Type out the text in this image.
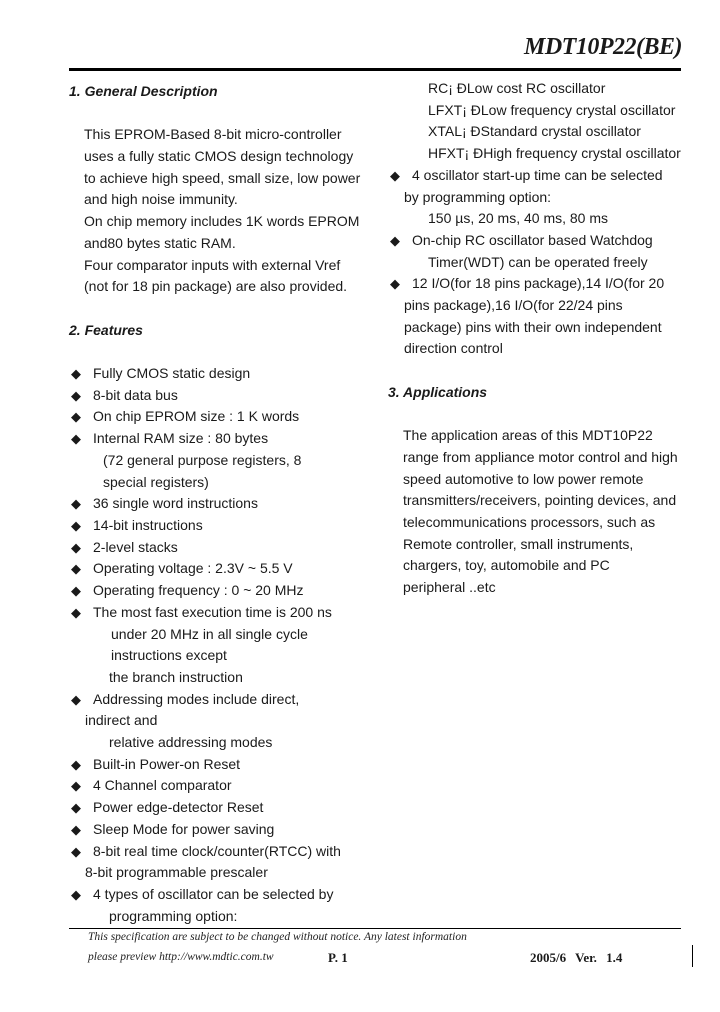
MDT10P22(BE)
1. General Description

This EPROM-Based 8-bit micro-controller

uses a fully static CMOS design technology

to achieve high speed, small size, low power

and high noise immunity.

On chip memory includes 1K words EPROM

and80 bytes static RAM.

Four comparator inputs with external Vref

(not for 18 pin package) are also provided.

2. Features
◆ Fully CMOS static design
◆ 8-bit data bus
◆ On chip EPROM size : 1 K words
◆ Internal RAM size : 80 bytes
(72 general purpose registers, 8
special registers)
◆ 36 single word instructions
◆ 14-bit instructions
◆ 2-level stacks
◆ Operating voltage : 2.3V ~ 5.5 V
◆ Operating frequency : 0 ~ 20 MHz
◆ The most fast execution time is 200 ns
under 20 MHz in all single cycle
instructions except
the branch instruction
◆ Addressing modes include direct,
indirect and
relative addressing modes
◆ Built-in Power-on Reset
◆ 4 Channel comparator
◆ Power edge-detector Reset
◆ Sleep Mode for power saving
◆ 8-bit real time clock/counter(RTCC) with
8-bit programmable prescaler
◆ 4 types of oscillator can be selected by
programming option:
RC¡ ÐLow cost RC oscillator
LFXT¡ ÐLow frequency crystal oscillator
XTAL¡ ÐStandard crystal oscillator
HFXT¡ ÐHigh frequency crystal oscillator
◆ 4 oscillator start-up time can be selected
by programming option:
150 µs, 20 ms, 40 ms, 80 ms
◆ On-chip RC oscillator based Watchdog
Timer(WDT) can be operated freely
◆ 12 I/O(for 18 pins package),14 I/O(for 20
pins package),16 I/O(for 22/24 pins
package) pins with their own independent
direction control
3. Applications

The application areas of this MDT10P22

range from appliance motor control and high

speed automotive to low power remote

transmitters/receivers, pointing devices, and

telecommunications processors, such as

Remote controller, small instruments,

chargers, toy, automobile and PC

peripheral ..etc

This specification are subject to be changed without notice. Any latest information
please preview http://www.mdtic.com.tw	P. 1	2005/6 Ver. 1.4
